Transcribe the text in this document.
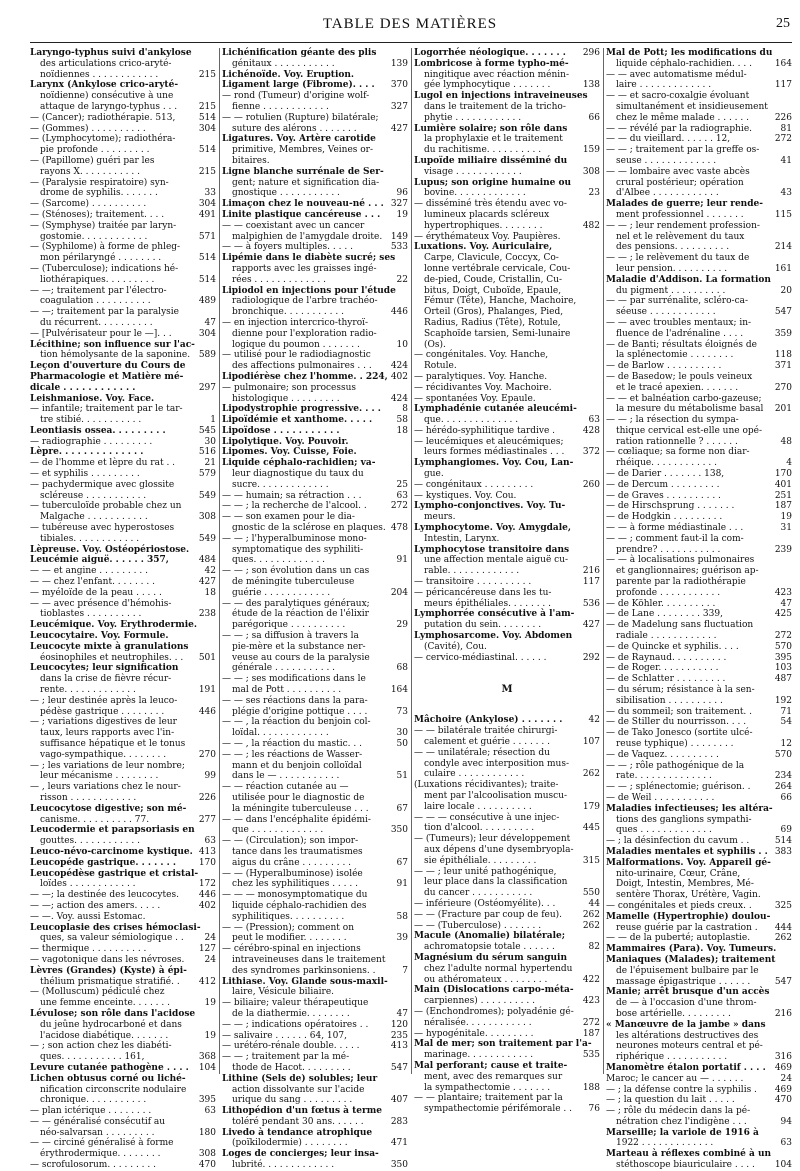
TABLE DES MATIÈRES	25
Laryngo-typhus suivi d'ankylose
des articulations crico-aryté-
noïdiennes . . . . . . . . . . . .	215
Larynx (Ankylose crico-aryté-
noïdienne) consécutive à une
attaque de laryngo-typhus . . .	215
— (Cancer); radiothérapie. 513,	514
— (Gommes) . . . . . . . . . .	304
— (Lymphocytome); radiothéra-
pie profonde . . . . . . . . .	514
— (Papillome) guéri par les
rayons X. . . . . . . . . . .	215
— (Paralysie respiratoire) syn-
drome de syphilis. . . . . . .	33
— (Sarcome) . . . . . . . . . .	304
— (Sténoses); traitement. . . .	491
— (Symphyse) traitée par laryn-
gostomie. . . . . . . . . . . .	571
— (Syphilome) à forme de phleg-
mon périlaryngé . . . . . . . .	514
— (Tuberculose); indications hé-
liothérapiques. . . . . . . . .	514
— —; traitement par l'électro-
coagulation . . . . . . . . . .	489
— —; traitement par la paralysie
du récurrent. . . . . . . . . .	47
— [Pulvérisateur pour le —]. . .	304
Lécithine; son influence sur l'ac-
tion hémolysante de la saponine. 589
Leçon d'ouverture du Cours de
Pharmacologie et Matière mé-
dicale . . . . . . . . . . . .	297
Leishmaniose. Voy. Face.
— infantile; traitement par le tar-
tre stibié. . . . . . . . . . .	1
Leontiasis ossea. . . . . . . . .	545
— radiographie . . . . . . . . .	30
Lèpre. . . . . . . . . . . . . .	516
— de l'homme et lèpre du rat . .	21
— et syphilis . . . . . . . . .	579
— pachydermique avec glossite
scléreuse . . . . . . . . . . .	549
— tuberculoïde probable chez un
Malgache . . . . . . . . . . .	308
— tubéreuse avec hyperostoses
tibiales. . . . . . . . . . . .	549
Lèpreuse. Voy. Ostéopériostose.
Leucémie aiguë. . . . . . 357,	484
— — et angine . . . . . . . . .	42
— — chez l'enfant. . . . . . . .	427
— myéloïde de la peau . . . . .	18
— — avec présence d'hémohis-
tioblastes . . . . . . . . . .	238
Leucémique. Voy. Erythrodermie.
Leucocytaire. Voy. Formule.
Leucocyte mixte à granulations
éosinophiles et neutrophiles. . .	501
Leucocytes; leur signification
dans la crise de fièvre récur-
rente. . . . . . . . . . . . .	191
— ; leur destinée après la leuco-
pédèse gastrique . . . . . . . .	446
— ; variations digestives de leur
taux, leurs rapports avec l'in-
suffisance hépatique et le tonus
vago-sympathique. . . . . . . .	270
— ; les variations de leur nombre;
leur mécanisme . . . . . . . .	99
— , leurs variations chez le nour-
risson . . . . . . . . . . . .	226
Leucocytose digestive; son mé-
canisme. . . . . . . . . . 77.	277
Leucodermie et parapsoriasis en
gouttes. . . . . . . . . . . .	63
Leuco-névo-carcinome kystique. 413
Leucopéde gastrique. . . . . . .	170
Leucopédèse gastrique et cristal-
loïdes . . . . . . . . . . . .	172
— —; la destinée des leucocytes.	446
— —; action des amers. . . . .	402
— —. Voy. aussi Estomac.
Leucoplasie des crises hémoclasi-
ques, sa valeur sémiologique . .	24
— thermique . . . . . . . . . .	127
— vagotonique dans les névroses.	24
Lèvres (Grandes) (Kyste) à épi-
thélium prismatique stratifié. .	412
— (Molluscum) pédiculé chez
une femme enceinte. . . . . . .	19
Lévulose; son rôle dans l'acidose
du jeûne hydrocarboné et dans
l'acidose diabétique. . . . . . .	19
— ; son action chez les diabéti-
ques. . . . . . . . . . . 161,	368
Levure cutanée pathogène . . . .	104
Lichen obtusus corné ou liché-
nification circonscrite nodulaire
chronique. . . . . . . . . . .	395
— plan ictérique . . . . . . . .	63
— — généralisé consécutif au
néo-salvarsan . . . . . . . . .	180
— — circiné généralisé à forme
érythrodermique. . . . . . . .	308
— scrofulosorum. . . . . . . . .	470
Lichénification géante des plis
génitaux . . . . . . . . . . .	139
Lichénoïde. Voy. Eruption.
Ligament large (Fibrome). . . .	370
— rond (Tumeur) d'origine wolf-
fienne . . . . . . . . . . . .	327
— — rotulien (Rupture) bilatérale;
suture des alérons . . . . . . .	427
Ligatures. Voy. Artère carotide
primitive, Membres, Veines or-
bitaires.
Ligne blanche surrénale de Ser-
gent; nature et signification dia-
gnostique . . . . . . . . . . .	96
Limaçon chez le nouveau-né . . . 327
Linite plastique cancéreuse . . .	19
— — coexistant avec un cancer
malpighien de l'amygdale droite. 149
— — à foyers multiples. . . . .	533
Lipémie dans le diabète sucré; ses
rapports avec les graisses ingé-
rées . . . . . . . . . . . . .	22
Lipiodol en injections pour l'étude
radiologique de l'arbre trachéo-
bronchique. . . . . . . . . . .	446
— en injection intercrico-thyroï-
dienne pour l'exploration radio-
logique du poumon . . . . . . .	10
— utilisé pour le radiodiagnostic
des affections pulmonaires . . .	424
Lipodiérèse chez l'homme. . 224, 402
— pulmonaire; son processus
histologique . . . . . . . . .	424
Lipodystrophie progressive. . . .	8
Lipoïdémie et xanthome. . . . .	58
Lipoïdose . . . . . . . . . . .	18
Lipolytique. Voy. Pouvoir.
Lipomes. Voy. Cuisse, Foie.
Liquide céphalo-rachidien; va-
leur diagnostique du taux du
sucre. . . . . . . . . . . . .	25
— — humain; sa rétraction . . .	63
— — ; la recherche de l'alcool. .	272
— — son examen pour le dia-
gnostic de la sclérose en plaques. 478
— — ; l'hyperalbuminose mono-
symptomatique des syphiliti-
ques. . . . . . . . . . . . .	91
— — ; son évolution dans un cas
de méningite tuberculeuse
guérie . . . . . . . . . . . .	204
— — des paralytiques généraux;
étude de la réaction de l'élixir
parégorique . . . . . . . . . .	29
— — ; sa diffusion à travers la
pie-mère et la substance ner-
veuse au cours de la paralysie
générale . . . . . . . . . . .	68
— — ; ses modifications dans le
mal de Pott . . . . . . . . . .	164
— — ses réactions dans la para-
plégie d'origine pottique . . . .	73
— — , la réaction du benjoin col-
loïdal. . . . . . . . . . . . .	30
— — , la réaction du mastic. . .	50
— — ; les réactions de Wasser-
mann et du benjoin colloïdal
dans le — . . . . . . . . . . .	51
— — réaction cutanée au —
utilisée pour le diagnostic de
la méningite tuberculeuse . . .	67
— — dans l'encéphalite épidémi-
que . . . . . . . . . . . . .	350
— — (Circulation); son impor-
tance dans les traumatismes
aigus du crâne . . . . . . . . .	67
— — (Hyperalbuminose) isolée
chez les syphilitiques . . . . .	91
— — — monosymptomatique du
liquide céphalo-rachidien des
syphilitiques. . . . . . . . . .	58
— — (Pression); comment on
peut le modifier. . . . . . . .	39
— cérébro-spinal en injections
intraveineuses dans le traitement
des syndromes parkinsoniens. .	7
Lithiase. Voy. Glande sous-maxil-
laire, Vésicule biliaire.
— biliaire; valeur thérapeutique
de la diathermie. . . . . . . .	47
— — ; indications opératoires . .	120
— salivaire . . . . . . 64, 107,	235
— urétéro-rénale double. . . . .	413
— — ; traitement par la mé-
thode de Hacot. . . . . . . . .	547
Lithine (Sels de) solubles; leur
action dissolvante sur l'acide
urique du sang . . . . . . . . .	407
Lithopédion d'un fœtus à terme
toléré pendant 30 ans. . . . . .	283
Livedo à tendance atrophique
(poïkilodermie) . . . . . . . .	471
Loges de concierges; leur insa-
lubrité. . . . . . . . . . . . .	350
Logorrhée néologique. . . . . . .	296
Lombricose à forme typho-mé-
ningitique avec réaction ménin-
gée lymphocytique . . . . . . .	138
Lugol en injections intraveineuses
dans le traitement de la tricho-
phytie . . . . . . . . . . . .	66
Lumière solaire; son rôle dans
la prophylaxie et le traitement
du rachitisme. . . . . . . . . .	159
Lupoïde miliaire disséminé du
visage . . . . . . . . . . . .	308
Lupus; son origine humaine ou
bovine. . . . . . . . . . . . .	23
— disséminé très étendu avec vo-
lumineux placards scléreux
hypertrophiques. . . . . . . .	482
— érythémateux Voy. Paupières.
Luxations. Voy. Auriculaire,
Carpe, Clavicule, Coccyx, Co-
lonne vertébrale cervicale, Cou-
de-pied, Coude, Cristallin, Cu-
bitus, Doigt, Cuboïde, Epaule,
Fémur (Tête), Hanche, Machoire,
Orteil (Gros), Phalanges, Pied,
Radius, Radius (Tête), Rotule,
Scaphoïde tarsien, Semi-lunaire
(Os).
— congénitales. Voy. Hanche,
Rotule.
— paralytiques. Voy. Hanche.
— récidivantes Voy. Machoire.
— spontanées Voy. Epaule.
Lymphadénie cutanée aleucémi-
que. . . . . . . . . . . . . .	63
— hérédo-syphilitique tardive .	428
— leucémiques et aleucémiques;
leurs formes médiastinales . . .	372
Lymphangiomes. Voy. Cou, Lan-
gue.
— congénitaux . . . . . . . . .	260
— kystiques. Voy. Cou.
Lympho-conjonctives. Voy. Tu-
meurs.
Lymphocytome. Voy. Amygdale,
Intestin, Larynx.
Lymphocytose transitoire dans
une affection mentale aiguë cu-
rable. . . . . . . . . . . . .	216
— transitoire . . . . . . . . . .	117
— péricancéreuse dans les tu-
meurs épithéliales. . . . . . . .	536
Lymphorrée consécutive à l'am-
putation du sein. . . . . . . .	427
Lymphosarcome. Voy. Abdomen
(Cavité), Cou.
— cervico-médiastinal. . . . . .	292
M
Mâchoire (Ankylose) . . . . . . .	42
— — bilatérale traitée chirurgi-
calement et guérie . . . . . . .	107
— — unilatérale; résection du
condyle avec interposition mus-
culaire . . . . . . . . . . . .	262
(Luxations récidivantes); traite-
ment par l'alcoolisation muscu-
laire locale . . . . . . . . . .	179
— — — consécutive à une injec-
tion d'alcool. . . . . . . . . .	445
— (Tumeurs); leur développement
aux dépens d'une dysembryopla-
sie épithéliale. . . . . . . . .	315
— — ; leur unité pathogénique,
leur place dans la classification
du cancer . . . . . . . . . . .	550
— inférieure (Ostéomyélite). . .	44
— — (Fracture par coup de feu).	262
— — (Tuberculose) . . . . . . .	262
Macule (Anomalie) bilatérale;
achromatopsie totale . . . . . .	82
Magnésium du sérum sanguin
chez l'adulte normal hypertendu
ou athéromateux . . . . . . . .	422
Main (Dislocations carpo-méta-
carpiennes) . . . . . . . . . .	423
— (Enchondromes); polyadénie gé-
néralisée. . . . . . . . . . . .	272
— hypogénitale. . . . . . . . .	187
Mal de mer; son traitement par l'a-
marinage. . . . . . . . . . . .	535
Mal perforant; cause et traite-
ment, avec des remarques sur
la sympathectomie . . . . . . .	188
— — plantaire; traitement par la
sympathectomie périfémorale . .	76
Mal de Pott; les modifications du
liquide céphalo-rachidien. . . .	164
— — avec automatisme médul-
laire . . . . . . . . . . . . .	117
— — et sacro-coxalgie évoluant
simultanément et insidieusement
chez le même malade . . . . . .	226
— — révélé par la radiographie.	81
— — du vieillard. . . . . . 12,	272
— — ; traitement par la greffe os-
seuse . . . . . . . . . . . . .	41
— — lombaire avec vaste abcès
crural postérieur; opération
d'Albee . . . . . . . . . . . .	43
Malades de guerre; leur rende-
ment professionnel . . . . . . .	115
— — ; leur rendement profession-
nel et le relèvement du taux
des pensions. . . . . . . . . .	214
— — ; le relèvement du taux de
leur pension. . . . . . . . . .	161
Maladie d'Addison. La formation
du pigment . . . . . . . . . .	20
— — par surrénalite, scléro-ca-
séeuse . . . . . . . . . . . .	547
— — avec troubles mentaux; in-
fluence de l'adrénaline . . . .	359
— de Banti; résultats éloignés de
la splénectomie . . . . . . . .	118
— de Barlow . . . . . . . . . .	371
— de Basedow; le pouls veineux
et le tracé apexien. . . . . . .	270
— — et balnéation carbo-gazeuse;
la mesure du métabolisme basal	201
— — ; la résection du sympa-
thique cervical est-elle une opé-
ration rationnelle ? . . . . . .	48
— cœliaque; sa forme non diar-
rhéique. . . . . . . . . . . .	4
— de Darier . . . . . . . 138,	170
— de Dercum . . . . . . . . .	401
— de Graves . . . . . . . . . .	251
— de Hirschsprung . . . . . . .	187
— de Hodgkin . . . . . . . . .	19
— — à forme médiastinale . . .	31
— — ; comment faut-il la com-
prendre? . . . . . . . . . . .	239
— — à localisations pulmonaires
et ganglionnaires; guérison ap-
parente par la radiothérapie
profonde . . . . . . . . . . .	423
— de Köhler. . . . . . . . . .	47
— de Lane . . . . . . . . 339,	425
— de Madelung sans fluctuation
radiale . . . . . . . . . . . .	272
— de Quincke et syphilis. . . .	570
— de Raynaud. . . . . . . . . .	395
— de Roger. . . . . . . . . . .	103
— de Schlatter . . . . . . . . .	487
— du sérum; résistance à la sen-
sibilisation . . . . . . . . . .	192
— du sommeil; son traitement. .	71
— de Stiller du nourrisson. . . .	54
— de Tako Jonesco (sortite ulcé-
reuse typhique) . . . . . . . .	12
— de Vaquez. . . . . . . . . .	570
— — ; rôle pathogénique de la
rate. . . . . . . . . . . . . .	234
— — ; splénectomie; guérison. .	264
— de Weil . . . . . . . . . . .	66
Maladies infectieuses; les altéra-
tions des ganglions sympathi-
ques . . . . . . . . . . . . .	69
— ; la désinfection du cavum . .	514
Maladies mentales et syphilis . . 383
Malformations. Voy. Appareil gé-
nito-urinaire, Cœur, Crâne,
Doigt, Intestin, Membres, Mé-
sentère Thorax, Urétère, Vagin.
— congénitales et pieds creux. .	325
Mamelle (Hypertrophie) doulou-
reuse guérie par la castration .	444
— — de la puberté; autoplastie.	262
Mammaires (Para). Voy. Tumeurs.
Maniaques (Malades); traitement
de l'épuisement bulbaire par le
massage épigastrique . . . . . .	547
Manie; arrêt brusque d'un accès
de — à l'occasion d'une throm-
bose artérielle. . . . . . . . .	216
« Manœuvre de la jambe » dans
les altérations destructives des
neurones moteurs central et pé-
riphérique . . . . . . . . . . .	316
Manomètre étalon portatif . . . .	469
Maroc; le cancer au — . . . . . .	24
— ; la défense contre la syphilis .	469
— ; la question du lait . . . . .	470
— ; rôle du médecin dans la pé-
nétration chez l'indigène . . .	94
Marseille; la variole de 1916 à
1922 . . . . . . . . . . . . .	63
Marteau à réflexes combiné à un
stéthoscope biauriculaire . . . .	104
